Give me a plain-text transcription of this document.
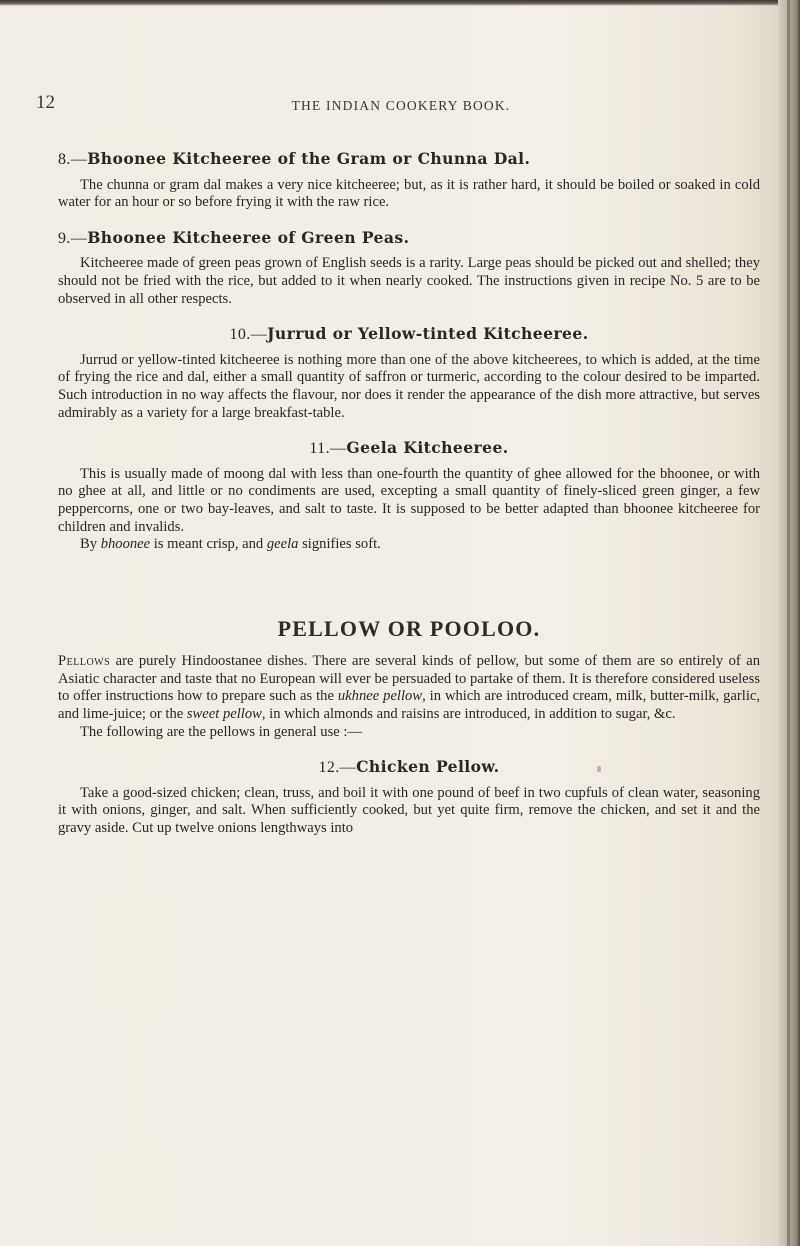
12	THE INDIAN COOKERY BOOK.
8.—Bhoonee Kitcheeree of the Gram or Chunna Dal.

The chunna or gram dal makes a very nice kitcheeree; but, as it is rather hard, it should be boiled or soaked in cold water for an hour or so before frying it with the raw rice.

9.—Bhoonee Kitcheeree of Green Peas.

Kitcheeree made of green peas grown of English seeds is a rarity. Large peas should be picked out and shelled; they should not be fried with the rice, but added to it when nearly cooked. The instructions given in recipe No. 5 are to be observed in all other respects.

10.—Jurrud or Yellow-tinted Kitcheeree.

Jurrud or yellow-tinted kitcheeree is nothing more than one of the above kitcheerees, to which is added, at the time of frying the rice and dal, either a small quantity of saffron or turmeric, according to the colour desired to be imparted. Such introduction in no way affects the flavour, nor does it render the appearance of the dish more attractive, but serves admirably as a variety for a large breakfast-table.

11.—Geela Kitcheeree.

This is usually made of moong dal with less than one-fourth the quantity of ghee allowed for the bhoonee, or with no ghee at all, and little or no condiments are used, excepting a small quantity of finely-sliced green ginger, a few peppercorns, one or two bay-leaves, and salt to taste. It is supposed to be better adapted than bhoonee kitcheeree for children and invalids.

By bhoonee is meant crisp, and geela signifies soft.

PELLOW OR POOLOO.

Pellows are purely Hindoostanee dishes. There are several kinds of pellow, but some of them are so entirely of an Asiatic character and taste that no European will ever be persuaded to partake of them. It is therefore considered useless to offer instructions how to prepare such as the ukhnee pellow, in which are introduced cream, milk, butter-milk, garlic, and lime-juice; or the sweet pellow, in which almonds and raisins are introduced, in addition to sugar, &c.

The following are the pellows in general use :—

12.—Chicken Pellow.

Take a good-sized chicken; clean, truss, and boil it with one pound of beef in two cupfuls of clean water, seasoning it with onions, ginger, and salt. When sufficiently cooked, but yet quite firm, remove the chicken, and set it and the gravy aside. Cut up twelve onions lengthways into
